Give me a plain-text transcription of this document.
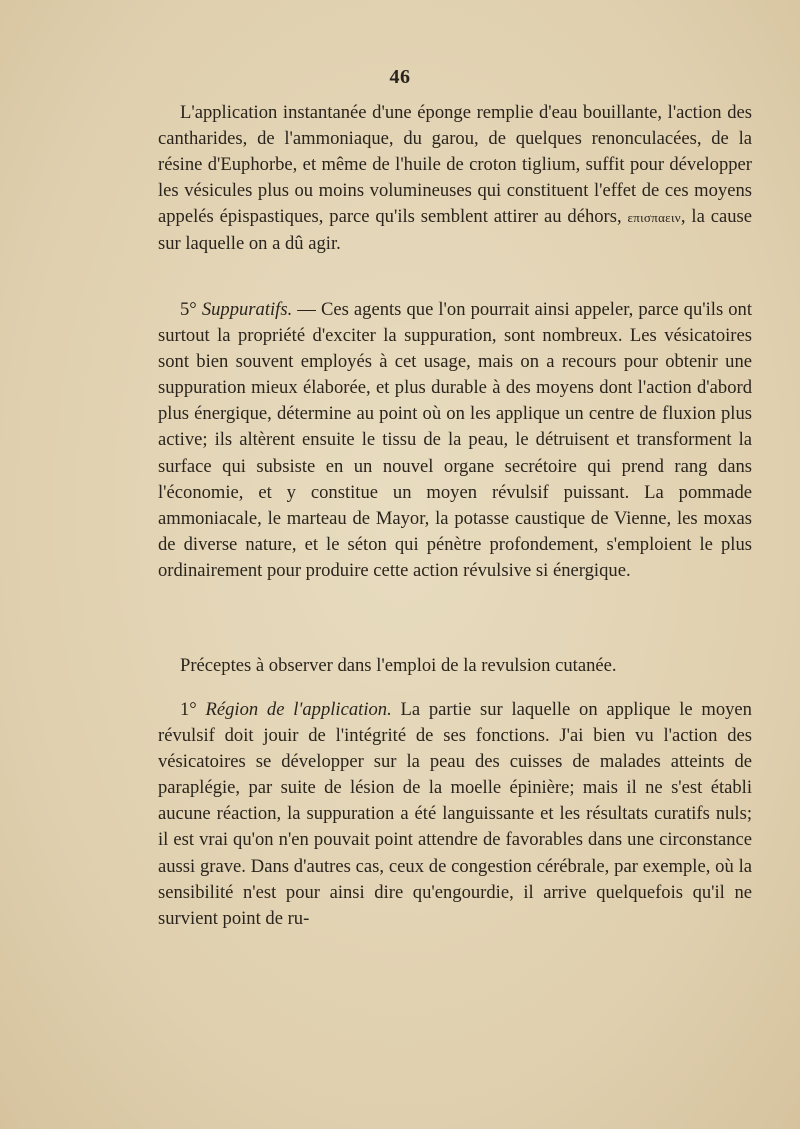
46

L'application instantanée d'une éponge remplie d'eau bouillante, l'action des cantharides, de l'ammoniaque, du garou, de quelques renonculacées, de la résine d'Euphorbe, et même de l'huile de croton tiglium, suffit pour développer les vésicules plus ou moins volumineuses qui constituent l'effet de ces moyens appelés épispastiques, parce qu'ils semblent attirer au déhors, επισπαειν, la cause sur laquelle on a dû agir.

5° Suppuratifs. — Ces agents que l'on pourrait ainsi appeler, parce qu'ils ont surtout la propriété d'exciter la suppuration, sont nombreux. Les vésicatoires sont bien souvent employés à cet usage, mais on a recours pour obtenir une suppuration mieux élaborée, et plus durable à des moyens dont l'action d'abord plus énergique, détermine au point où on les applique un centre de fluxion plus active; ils altèrent ensuite le tissu de la peau, le détruisent et transforment la surface qui subsiste en un nouvel organe secrétoire qui prend rang dans l'économie, et y constitue un moyen révulsif puissant. La pommade ammoniacale, le marteau de Mayor, la potasse caustique de Vienne, les moxas de diverse nature, et le séton qui pénètre profondement, s'emploient le plus ordinairement pour produire cette action révulsive si énergique.

Préceptes à observer dans l'emploi de la revulsion cutanée.

1° Région de l'application. La partie sur laquelle on applique le moyen révulsif doit jouir de l'intégrité de ses fonctions. J'ai bien vu l'action des vésicatoires se développer sur la peau des cuisses de malades atteints de paraplégie, par suite de lésion de la moelle épinière; mais il ne s'est établi aucune réaction, la suppuration a été languissante et les résultats curatifs nuls; il est vrai qu'on n'en pouvait point attendre de favorables dans une circonstance aussi grave. Dans d'autres cas, ceux de congestion cérébrale, par exemple, où la sensibilité n'est pour ainsi dire qu'engourdie, il arrive quelquefois qu'il ne survient point de ru-
